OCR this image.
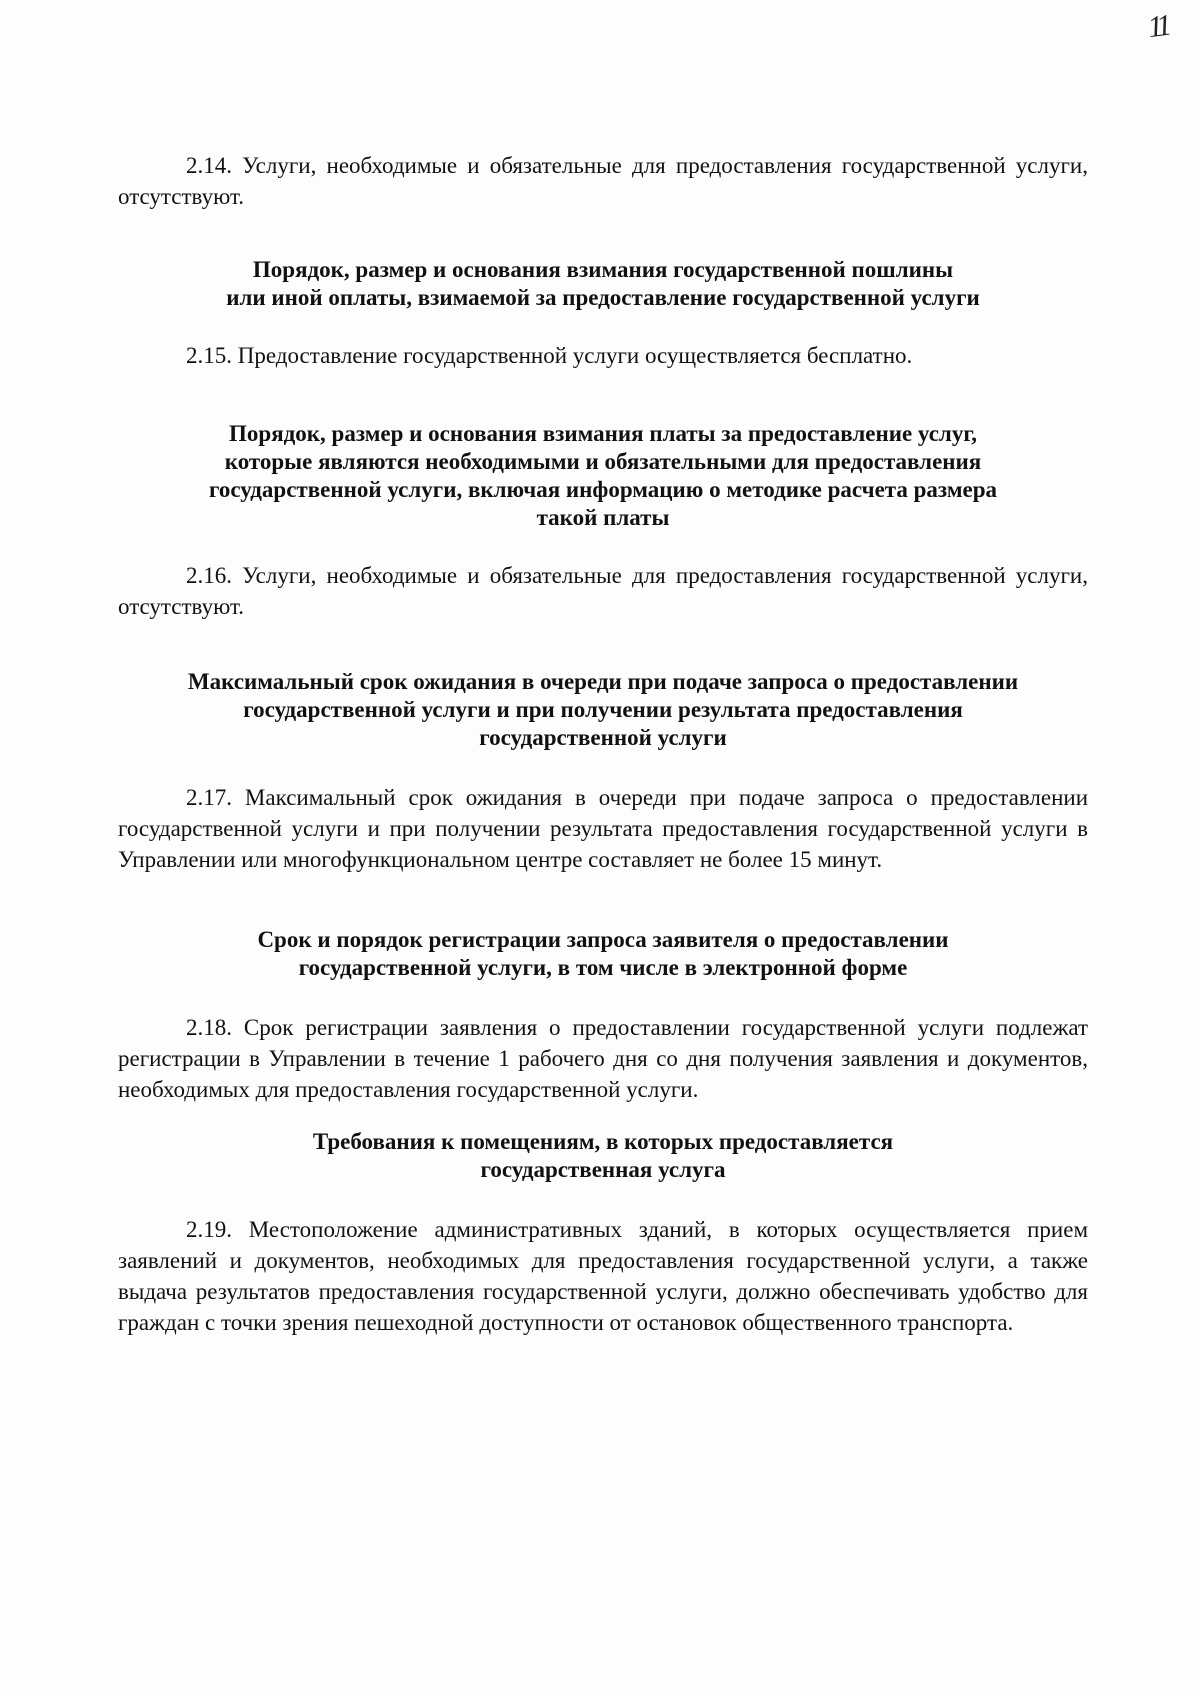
11

2.14. Услуги, необходимые и обязательные для предоставления государственной услуги, отсутствуют.

Порядок, размер и основания взимания государственной пошлины
или иной оплаты, взимаемой за предоставление государственной услуги

2.15. Предоставление государственной услуги осуществляется бесплатно.

Порядок, размер и основания взимания платы за предоставление услуг,
которые являются необходимыми и обязательными для предоставления
государственной услуги, включая информацию о методике расчета размера
такой платы

2.16. Услуги, необходимые и обязательные для предоставления государственной услуги, отсутствуют.

Максимальный срок ожидания в очереди при подаче запроса о предоставлении
государственной услуги и при получении результата предоставления
государственной услуги

2.17. Максимальный срок ожидания в очереди при подаче запроса о предоставлении государственной услуги и при получении результата предоставления государственной услуги в Управлении или многофункциональном центре составляет не более 15 минут.

Срок и порядок регистрации запроса заявителя о предоставлении
государственной услуги, в том числе в электронной форме

2.18. Срок регистрации заявления о предоставлении государственной услуги подлежат регистрации в Управлении в течение 1 рабочего дня со дня получения заявления и документов, необходимых для предоставления государственной услуги.

Требования к помещениям, в которых предоставляется
государственная услуга

2.19. Местоположение административных зданий, в которых осуществляется прием заявлений и документов, необходимых для предоставления государственной услуги, а также выдача результатов предоставления государственной услуги, должно обеспечивать удобство для граждан с точки зрения пешеходной доступности от остановок общественного транспорта.
